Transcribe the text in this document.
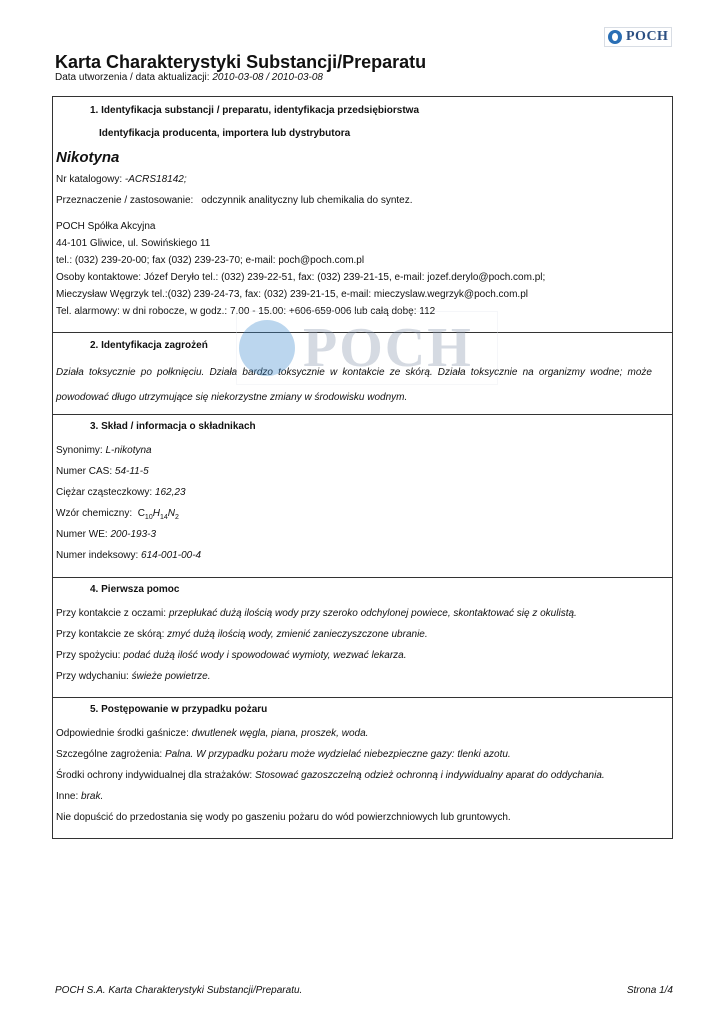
POCH
Karta Charakterystyki Substancji/Preparatu
Data utworzenia / data aktualizacji: 2010-03-08 / 2010-03-08
1. Identyfikacja substancji / preparatu, identyfikacja przedsiębiorstwa
Identyfikacja producenta, importera lub dystrybutora
Nikotyna
Nr katalogowy: -ACRS18142;
Przeznaczenie / zastosowanie: odczynnik analityczny lub chemikalia do syntez.
POCH Spółka Akcyjna
44-101 Gliwice, ul. Sowińskiego 11
tel.: (032) 239-20-00; fax (032) 239-23-70; e-mail: poch@poch.com.pl
Osoby kontaktowe: Józef Deryło tel.: (032) 239-22-51, fax: (032) 239-21-15, e-mail: jozef.derylo@poch.com.pl;
Mieczysław Węgrzyk tel.:(032) 239-24-73, fax: (032) 239-21-15, e-mail: mieczyslaw.wegrzyk@poch.com.pl
Tel. alarmowy: w dni robocze, w godz.: 7.00 - 15.00: +606-659-006 lub całą dobę: 112
2. Identyfikacja zagrożeń
Działa toksycznie po połknięciu. Działa bardzo toksycznie w kontakcie ze skórą. Działa toksycznie na organizmy wodne; może powodować długo utrzymujące się niekorzystne zmiany w środowisku wodnym.
3. Skład / informacja o składnikach
Synonimy: L-nikotyna
Numer CAS: 54-11-5
Ciężar cząsteczkowy: 162,23
Wzór chemiczny: $C_{10}H_{14}N_2$
Numer WE: 200-193-3
Numer indeksowy: 614-001-00-4
4. Pierwsza pomoc
Przy kontakcie z oczami: przepłukać dużą ilością wody przy szeroko odchylonej powiece, skontaktować się z okulistą.
Przy kontakcie ze skórą: zmyć dużą ilością wody, zmienić zanieczyszczone ubranie.
Przy spożyciu: podać dużą ilość wody i spowodować wymioty, wezwać lekarza.
Przy wdychaniu: świeże powietrze.
5. Postępowanie w przypadku pożaru
Odpowiednie środki gaśnicze: dwutlenek węgla, piana, proszek, woda.
Szczególne zagrożenia: Palna. W przypadku pożaru może wydzielać niebezpieczne gazy: tlenki azotu.
Środki ochrony indywidualnej dla strażaków: Stosować gazoszczelną odzież ochronną i indywidualny aparat do oddychania.
Inne: brak.
Nie dopuścić do przedostania się wody po gaszeniu pożaru do wód powierzchniowych lub gruntowych.
POCH
POCH S.A. Karta Charakterystyki Substancji/Preparatu.	Strona 1/4
